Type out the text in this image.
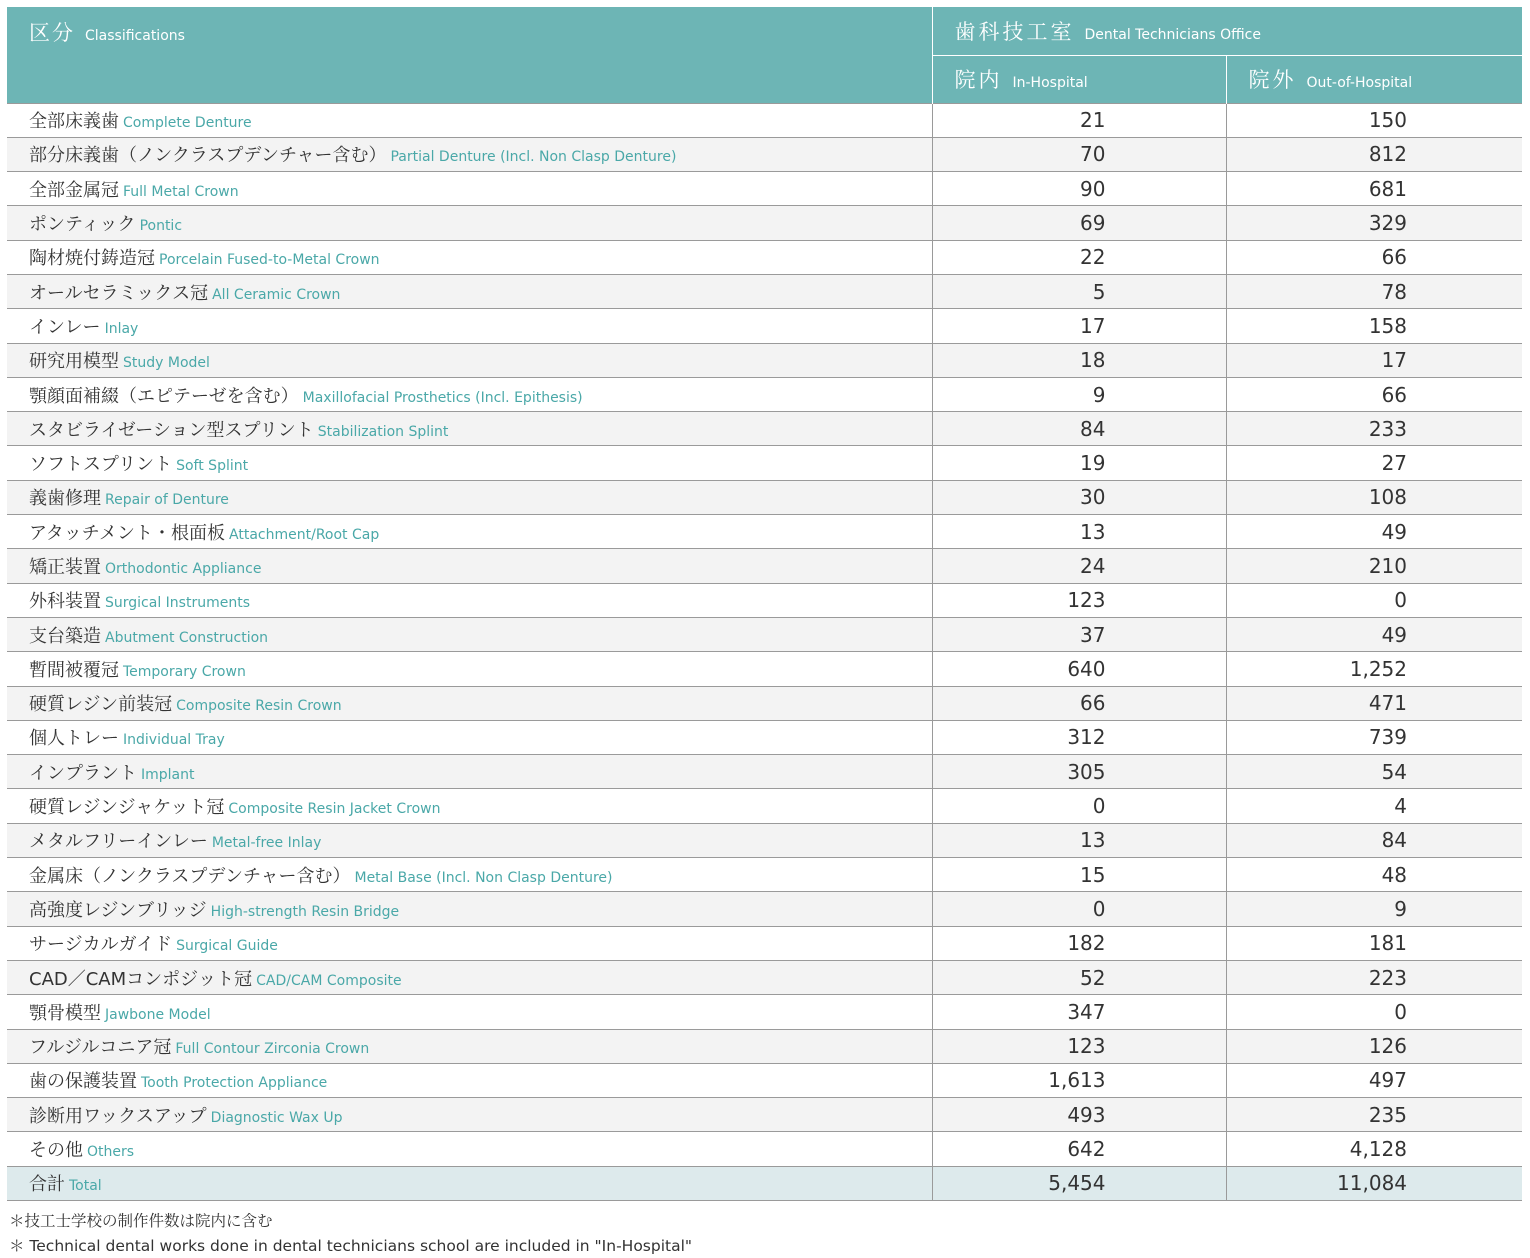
区分 Classifications	歯科技工室 Dental Technicians Office	
	院内 In-Hospital	院外 Out-of-Hospital
全部床義歯 Complete Denture	21	150
部分床義歯（ノンクラスプデンチャー含む） Partial Denture (Incl. Non Clasp Denture)	70	812
全部金属冠 Full Metal Crown	90	681
ポンティック Pontic	69	329
陶材焼付鋳造冠 Porcelain Fused-to-Metal Crown	22	66
オールセラミックス冠 All Ceramic Crown	5	78
インレー Inlay	17	158
研究用模型 Study Model	18	17
顎顔面補綴（エピテーゼを含む） Maxillofacial Prosthetics (Incl. Epithesis)	9	66
スタビライゼーション型スプリント Stabilization Splint	84	233
ソフトスプリント Soft Splint	19	27
義歯修理 Repair of Denture	30	108
アタッチメント・根面板 Attachment/Root Cap	13	49
矯正装置 Orthodontic Appliance	24	210
外科装置 Surgical Instruments	123	0
支台築造 Abutment Construction	37	49
暫間被覆冠 Temporary Crown	640	1,252
硬質レジン前装冠 Composite Resin Crown	66	471
個人トレー Individual Tray	312	739
インプラント Implant	305	54
硬質レジンジャケット冠 Composite Resin Jacket Crown	0	4
メタルフリーインレー Metal-free Inlay	13	84
金属床（ノンクラスプデンチャー含む） Metal Base (Incl. Non Clasp Denture)	15	48
高強度レジンブリッジ High-strength Resin Bridge	0	9
サージカルガイド Surgical Guide	182	181
CAD／CAMコンポジット冠 CAD/CAM Composite	52	223
顎骨模型 Jawbone Model	347	0
フルジルコニア冠 Full Contour Zirconia Crown	123	126
歯の保護装置 Tooth Protection Appliance	1,613	497
診断用ワックスアップ Diagnostic Wax Up	493	235
その他 Others	642	4,128
合計 Total	5,454	11,084
＊技工士学校の制作件数は院内に含む
＊ Technical dental works done in dental technicians school are included in "In-Hospital"
